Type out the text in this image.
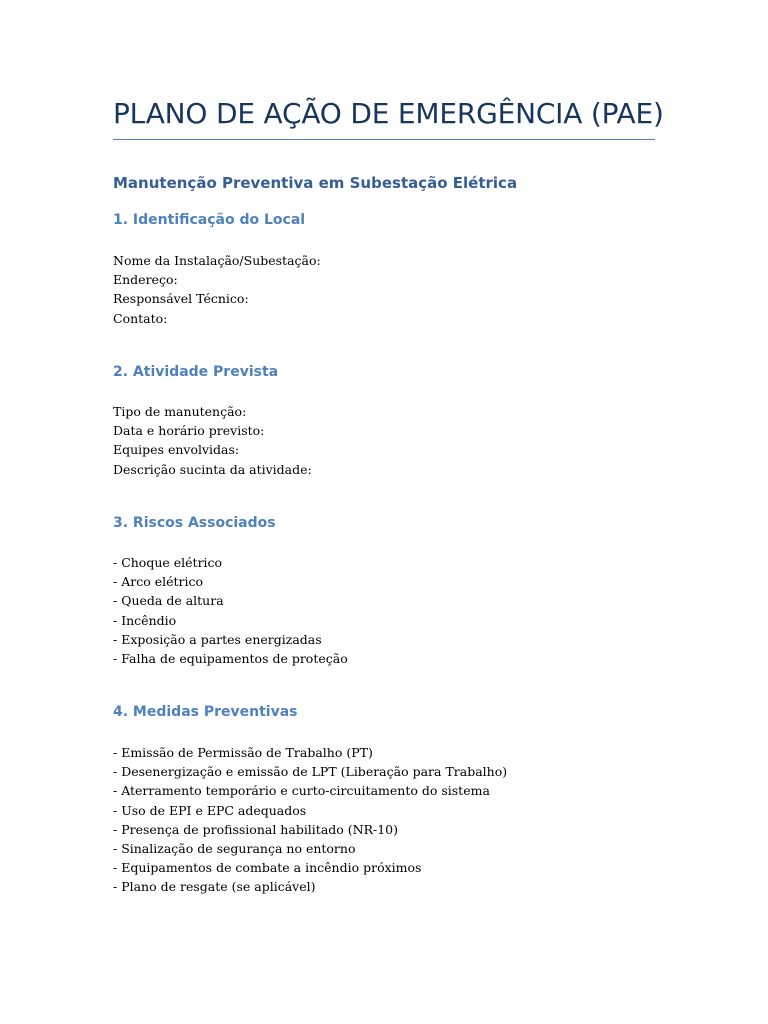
PLANO DE AÇÃO DE EMERGÊNCIA (PAE)
Manutenção Preventiva em Subestação Elétrica
1. Identificação do Local
Nome da Instalação/Subestação:
Endereço:
Responsável Técnico:
Contato:
2. Atividade Prevista
Tipo de manutenção:
Data e horário previsto:
Equipes envolvidas:
Descrição sucinta da atividade:
3. Riscos Associados
- Choque elétrico
- Arco elétrico
- Queda de altura
- Incêndio
- Exposição a partes energizadas
- Falha de equipamentos de proteção
4. Medidas Preventivas
- Emissão de Permissão de Trabalho (PT)
- Desenergização e emissão de LPT (Liberação para Trabalho)
- Aterramento temporário e curto-circuitamento do sistema
- Uso de EPI e EPC adequados
- Presença de profissional habilitado (NR-10)
- Sinalização de segurança no entorno
- Equipamentos de combate a incêndio próximos
- Plano de resgate (se aplicável)
